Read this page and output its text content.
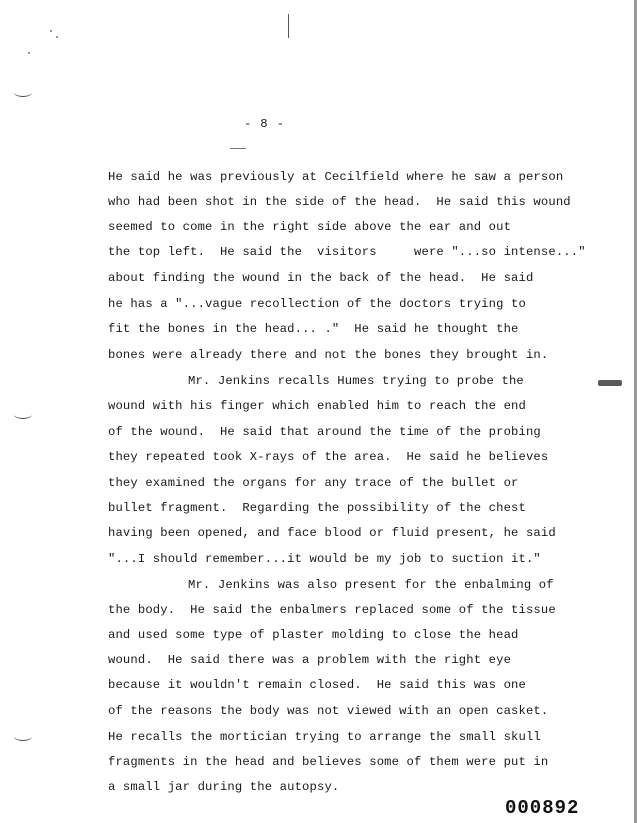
- 8 -
He said he was previously at Cecilfield where he saw a person
who had been shot in the side of the head.  He said this wound
seemed to come in the right side above the ear and out
the top left.  He said the  visitors     were "...so intense..."
about finding the wound in the back of the head.  He said
he has a "...vague recollection of the doctors trying to
fit the bones in the head... ."  He said he thought the
bones were already there and not the bones they brought in.
Mr. Jenkins recalls Humes trying to probe the
wound with his finger which enabled him to reach the end
of the wound.  He said that around the time of the probing
they repeated took X-rays of the area.  He said he believes
they examined the organs for any trace of the bullet or
bullet fragment.  Regarding the possibility of the chest
having been opened, and face blood or fluid present, he said
"...I should remember...it would be my job to suction it."
Mr. Jenkins was also present for the enbalming of
the body.  He said the enbalmers replaced some of the tissue
and used some type of plaster molding to close the head
wound.  He said there was a problem with the right eye
because it wouldn't remain closed.  He said this was one
of the reasons the body was not viewed with an open casket.
He recalls the mortician trying to arrange the small skull
fragments in the head and believes some of them were put in
a small jar during the autopsy.
000892
